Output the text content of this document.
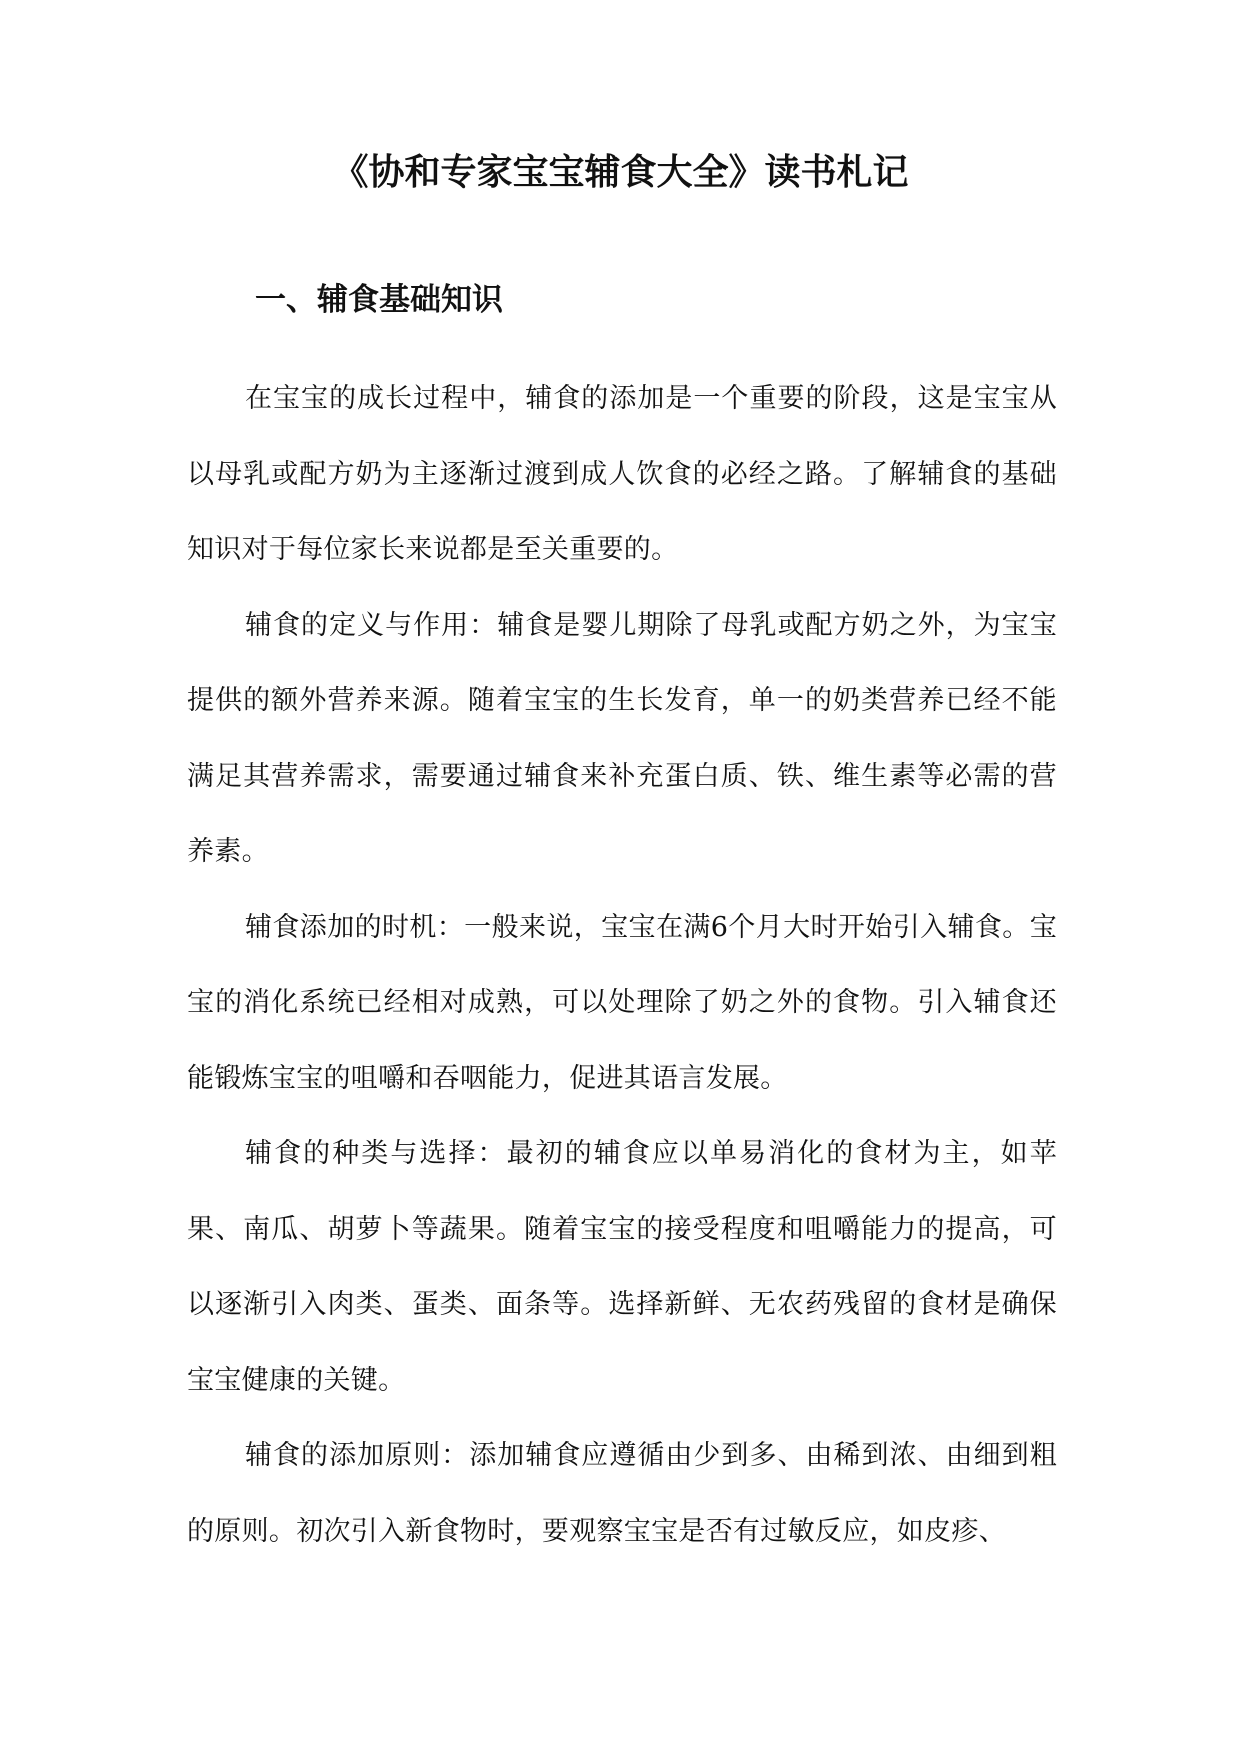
《协和专家宝宝辅食大全》读书札记
一、辅食基础知识

在宝宝的成长过程中，辅食的添加是一个重要的阶段，这是宝宝从以母乳或配方奶为主逐渐过渡到成人饮食的必经之路。了解辅食的基础知识对于每位家长来说都是至关重要的。

辅食的定义与作用：辅食是婴儿期除了母乳或配方奶之外，为宝宝提供的额外营养来源。随着宝宝的生长发育，单一的奶类营养已经不能满足其营养需求，需要通过辅食来补充蛋白质、铁、维生素等必需的营养素。

辅食添加的时机：一般来说，宝宝在满6个月大时开始引入辅食。宝宝的消化系统已经相对成熟，可以处理除了奶之外的食物。引入辅食还能锻炼宝宝的咀嚼和吞咽能力，促进其语言发展。

辅食的种类与选择：最初的辅食应以单易消化的食材为主，如苹果、南瓜、胡萝卜等蔬果。随着宝宝的接受程度和咀嚼能力的提高，可以逐渐引入肉类、蛋类、面条等。选择新鲜、无农药残留的食材是确保宝宝健康的关键。

辅食的添加原则：添加辅食应遵循由少到多、由稀到浓、由细到粗的原则。初次引入新食物时，要观察宝宝是否有过敏反应，如皮疹、
